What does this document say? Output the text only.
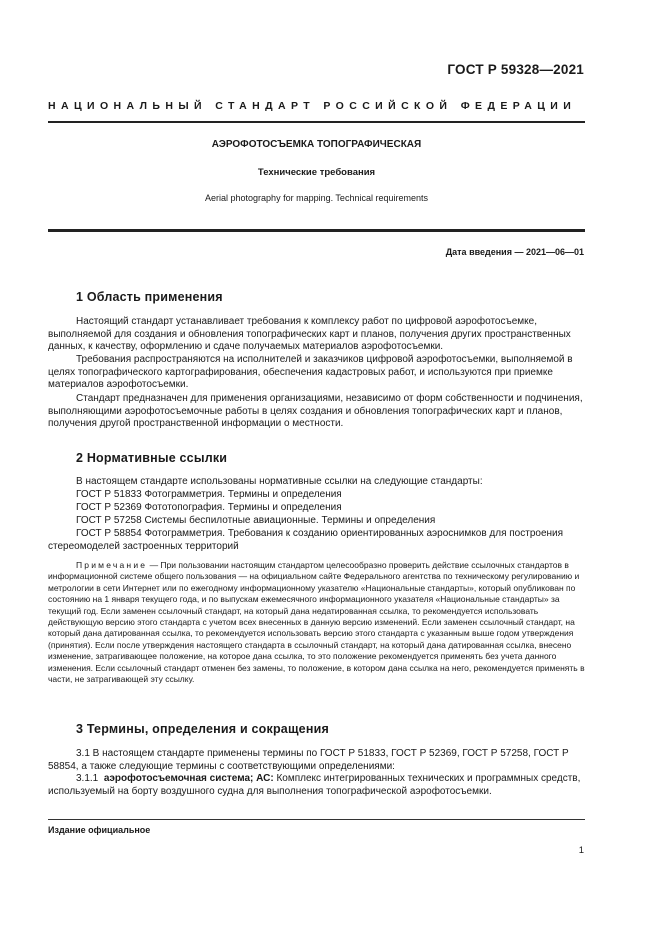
ГОСТ Р 59328—2021
НАЦИОНАЛЬНЫЙ СТАНДАРТ РОССИЙСКОЙ ФЕДЕРАЦИИ
АЭРОФОТОСЪЕМКА ТОПОГРАФИЧЕСКАЯ
Технические требования
Aerial photography for mapping. Technical requirements
Дата введения — 2021—06—01
1 Область применения
Настоящий стандарт устанавливает требования к комплексу работ по цифровой аэрофотосъемке, выполняемой для создания и обновления топографических карт и планов, получения других пространственных данных, к качеству, оформлению и сдаче получаемых материалов аэрофотосъемки.
Требования распространяются на исполнителей и заказчиков цифровой аэрофотосъемки, выполняемой в целях топографического картографирования, обеспечения кадастровых работ, и используются при приемке материалов аэрофотосъемки.
Стандарт предназначен для применения организациями, независимо от форм собственности и подчинения, выполняющими аэрофотосъемочные работы в целях создания и обновления топографических карт и планов, получения другой пространственной информации о местности.
2 Нормативные ссылки
В настоящем стандарте использованы нормативные ссылки на следующие стандарты:
ГОСТ Р 51833 Фотограмметрия. Термины и определения
ГОСТ Р 52369 Фототопография. Термины и определения
ГОСТ Р 57258 Системы беспилотные авиационные. Термины и определения
ГОСТ Р 58854 Фотограмметрия. Требования к созданию ориентированных аэроснимков для построения стереомоделей застроенных территорий
Примечание — При пользовании настоящим стандартом целесообразно проверить действие ссылочных стандартов в информационной системе общего пользования — на официальном сайте Федерального агентства по техническому регулированию и метрологии в сети Интернет или по ежегодному информационному указателю «Национальные стандарты», который опубликован по состоянию на 1 января текущего года, и по выпускам ежемесячного информационного указателя «Национальные стандарты» за текущий год. Если заменен ссылочный стандарт, на который дана недатированная ссылка, то рекомендуется использовать действующую версию этого стандарта с учетом всех внесенных в данную версию изменений. Если заменен ссылочный стандарт, на который дана датированная ссылка, то рекомендуется использовать версию этого стандарта с указанным выше годом утверждения (принятия). Если после утверждения настоящего стандарта в ссылочный стандарт, на который дана датированная ссылка, внесено изменение, затрагивающее положение, на которое дана ссылка, то это положение рекомендуется применять без учета данного изменения. Если ссылочный стандарт отменен без замены, то положение, в котором дана ссылка на него, рекомендуется применять в части, не затрагивающей эту ссылку.
3 Термины, определения и сокращения
3.1 В настоящем стандарте применены термины по ГОСТ Р 51833, ГОСТ Р 52369, ГОСТ Р 57258, ГОСТ Р 58854, а также следующие термины с соответствующими определениями:
3.1.1 аэрофотосъемочная система; АС: Комплекс интегрированных технических и программных средств, используемый на борту воздушного судна для выполнения топографической аэрофотосъемки.
Издание официальное
1
